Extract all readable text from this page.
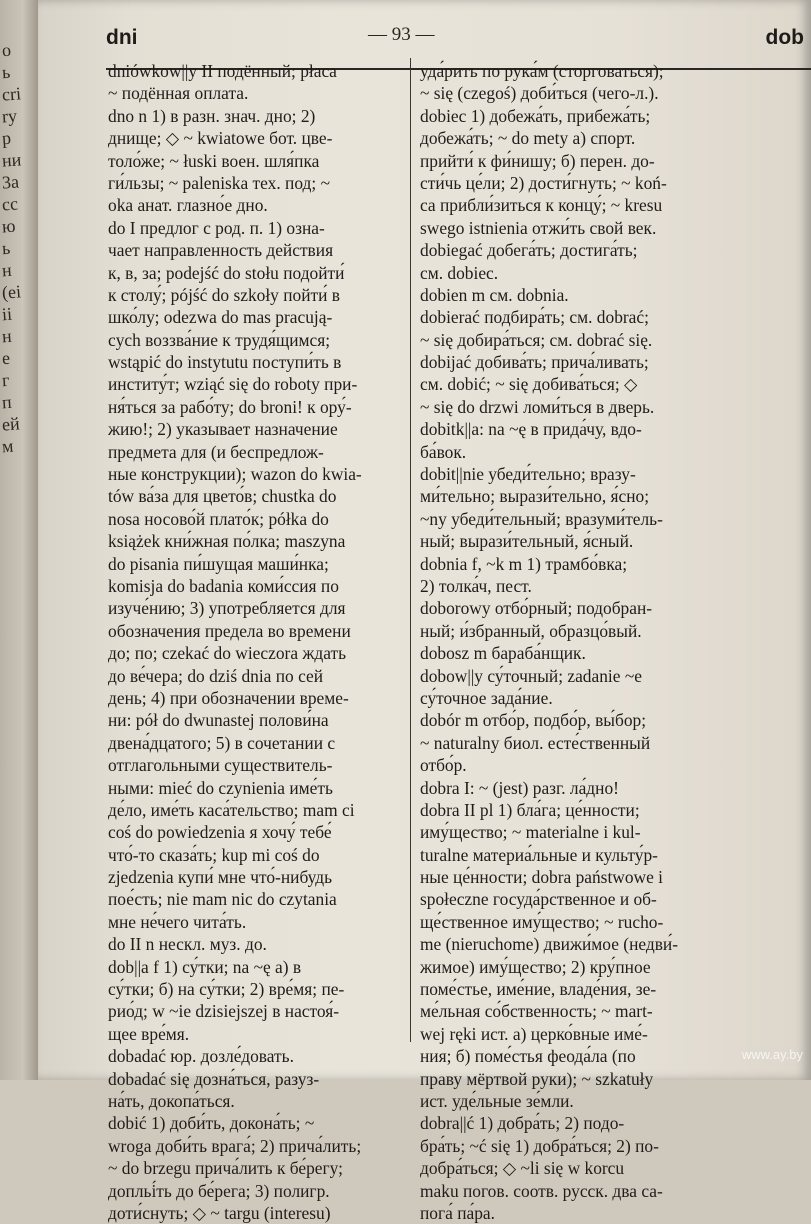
o
ь
cri
ry
р
ни
3а
сc
ю
ь
н
(ei
ii
н
e
г
п
ей
м
dni	— 93 —	dob
dniówkow||y II подённый; płaca
~ подённая оплата.
dno n 1) в разн. знач. дно; 2)
днище; ◇ ~ kwiatowe бот. цве-
толо́же; ~ łuski воен. шля́пка
ги́льзы; ~ paleniska тех. под; ~
oka анат. глазно́е дно.
do I предлог с род. п. 1) озна-
чает направленность действия
к, в, за; podejść do stołu подойти́
к столу́; pójść do szkoły пойти́ в
шко́лу; odezwa do mas pracują-
cych воззва́ние к трудя́щимся;
wstąpić do instytutu поступи́ть в
институ́т; wziąć się do roboty при-
ня́ться за рабо́ту; do broni! к ору́-
жию!; 2) указывает назначение
предмета для (и беспредлож-
ные конструкции); wazon do kwia-
tów ва́за для цвето́в; chustka do
nosa носово́й плато́к; półka do
książek кни́жная по́лка; maszyna
do pisania пи́шущая маши́нка;
komisja do badania коми́ссия по
изуче́нию; 3) употребляется для
обозначения предела во времени
до; по; czekać do wieczora ждать
до ве́чера; do dziś dnia по сей
день; 4) при обозначении време-
ни: pół do dwunastej полови́на
двена́дцатого; 5) в сочетании с
отглагольными существитель-
ными: mieć do czynienia име́ть
де́ло, име́ть каса́тельство; mam ci
coś do powiedzenia я хочу́ тебе́
что́-то сказа́ть; kup mi coś do
zjedzenia купи́ мне что́-нибудь
пое́сть; nie mam nic do czytania
мне не́чего чита́ть.
do II n нескл. муз. до.
dob||a f 1) су́тки; na ~ę а) в
су́тки; б) на су́тки; 2) вре́мя; пе-
рио́д; w ~ie dzisiejszej в настоя́-
щее вре́мя.
dobadać юр. дозле́довать.
dobadać się дозна́ться, разуз-
на́ть, докопа́ться.
dobić 1) доби́ть, докона́ть; ~
wroga доби́ть врага́; 2) прича́лить;
~ do brzegu прича́лить к бе́регу;
допльі́ть до бе́рега; 3) полигр.
доти́снуть; ◇ ~ targu (interesu)
уда́рить по рука́м (сторговаться);
~ się (czegoś) доби́ться (чего-л.).
dobiec 1) добежа́ть, прибежа́ть;
добежа́ть; ~ do mety а) спорт.
прийти́ к фи́нишу; б) перен. до-
сти́чь це́ли; 2) дости́гнуть; ~ koń-
са прибли́зиться к концу́; ~ kresu
swego istnienia отжи́ть свой век.
dobiegać добега́ть; достига́ть;
см. dobiec.
dobien m см. dobnia.
dobierać подбира́ть; см. dobrać;
~ się добира́ться; см. dobrać się.
dobijać добива́ть; прича́ливать;
см. dobić; ~ się добива́ться; ◇
~ się do drzwi ломи́ться в дверь.
dobitk||a: na ~ę в прида́чу, вдо-
ба́вок.
dobit||nie убеди́тельно; вразу-
ми́тельно; вырази́тельно, я́сно;
~ny убеди́тельный; вразуми́тель-
ный; вырази́тельный, я́сный.
dobnia f, ~k m 1) трамбо́вка;
2) толка́ч, пест.
doborowy отбо́рный; подобран-
ный; и́збранный, образцо́вый.
dobosz m бараба́нщик.
dobow||y су́точный; zadanie ~e
су́точное зада́ние.
dobór m отбо́р, подбо́р, вы́бор;
~ naturalny биол. есте́ственный
отбо́р.
dobra I: ~ (jest) разг. ла́дно!
dobra II pl 1) бла́га; це́нности;
иму́щество; ~ materialne i kul-
turalne материа́льные и культу́р-
ные це́нности; dobra państwowe i
społeczne госуда́рственное и об-
ще́ственное иму́щество; ~ rucho-
me (nieruchome) движи́мое (недви́-
жимое) иму́щество; 2) кру́пное
поме́стье, име́ние, владе́ния, зе-
ме́льная со́бственность; ~ mart-
wej ręki ист. а) церко́вные име́-
ния; б) поме́стья феода́ла (по
праву мёртвой руки); ~ szkatuły
ист. уде́льные зе́мли.
dobra||ć 1) добра́ть; 2) подо-
бра́ть; ~ć się 1) добра́ться; 2) по-
добра́ться; ◇ ~li się w korcu
maku погов. соотв. русск. два са-
пога́ па́ра.
www.ay.by
